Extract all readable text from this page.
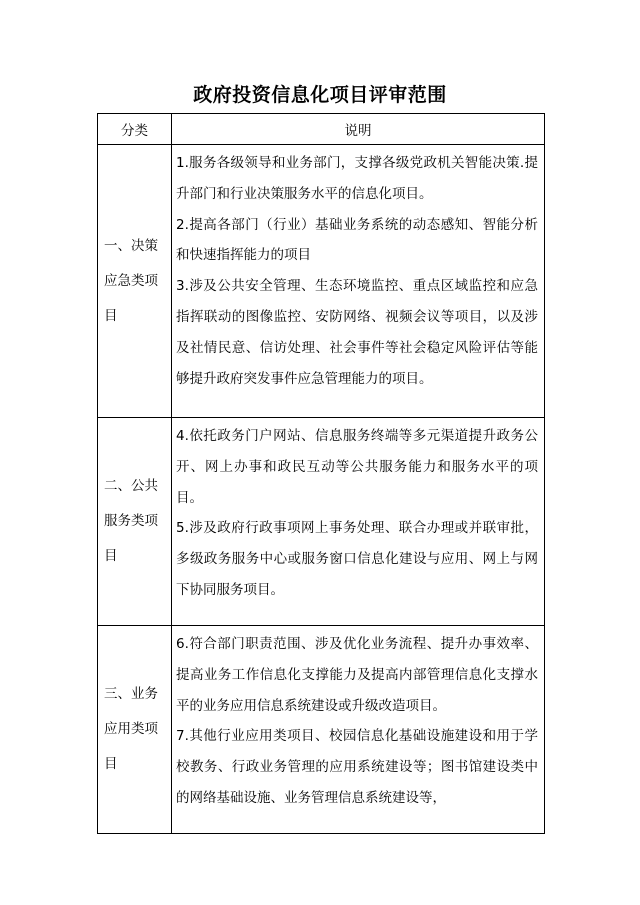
政府投资信息化项目评审范围
分类	说明
一、决策应急类项目	1.服务各级领导和业务部门，支撑各级党政机关智能决策.提升部门和行业决策服务水平的信息化项目。
2.提高各部门（行业）基础业务系统的动态感知、智能分析和快速指挥能力的项目
3.涉及公共安全管理、生态环境监控、重点区域监控和应急指挥联动的图像监控、安防网络、视频会议等项目，以及涉及社情民意、信访处理、社会事件等社会稳定风险评估等能够提升政府突发事件应急管理能力的项目。

二、公共服务类项目	4.依托政务门户网站、信息服务终端等多元渠道提升政务公开、网上办事和政民互动等公共服务能力和服务水平的项目。
5.涉及政府行政事项网上事务处理、联合办理或并联审批，多级政务服务中心或服务窗口信息化建设与应用、网上与网下协同服务项目。

三、业务应用类项目	6.符合部门职责范围、涉及优化业务流程、提升办事效率、提高业务工作信息化支撑能力及提高内部管理信息化支撑水平的业务应用信息系统建设或升级改造项目。
7.其他行业应用类项目、校园信息化基础设施建设和用于学校教务、行政业务管理的应用系统建设等；图书馆建设类中的网络基础设施、业务管理信息系统建设等，
